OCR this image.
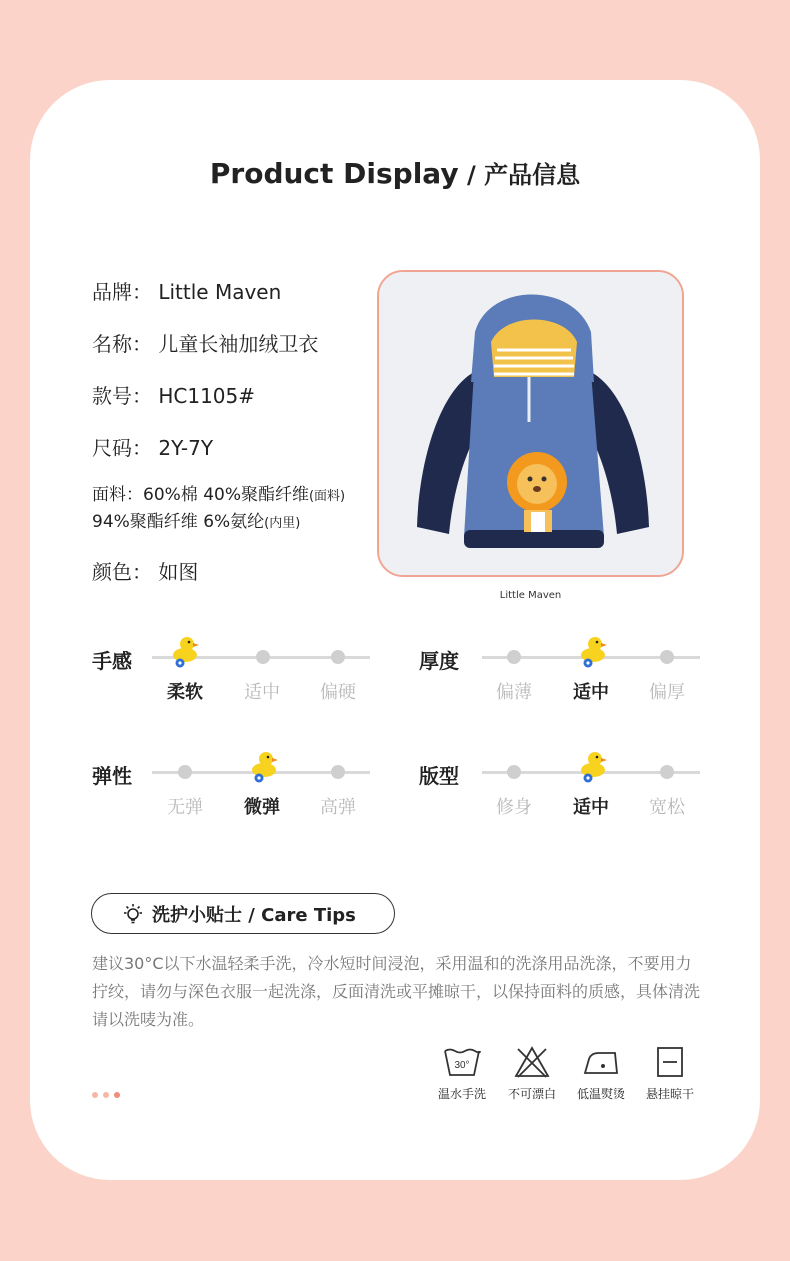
Product Display / 产品信息
品牌： Little Maven
名称： 儿童长袖加绒卫衣
款号： HC1105#
尺码： 2Y-7Y
面料：60%棉 40%聚酯纤维(面料)
94%聚酯纤维 6%氨纶(内里)
颜色： 如图
Little Maven
手感
柔软	适中	偏硬
厚度
偏薄	适中	偏厚
弹性
无弹	微弹	高弹
版型
修身	适中	宽松
洗护小贴士 / Care Tips
建议30°C以下水温轻柔手洗，冷水短时间浸泡，采用温和的洗涤用品洗涤，不要用力拧绞，请勿与深色衣服一起洗涤，反面清洗或平摊晾干，以保持面料的质感，具体清洗请以洗唛为准。
30°
温水手洗	不可漂白	低温熨烫	悬挂晾干
